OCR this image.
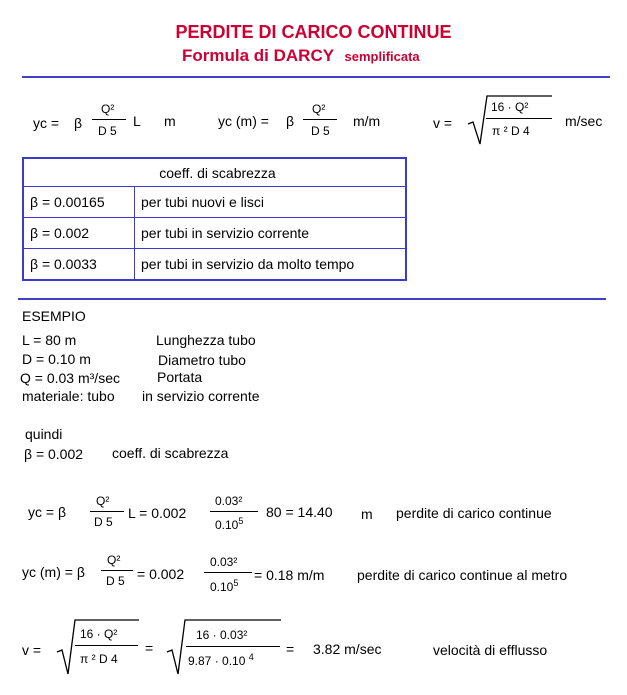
PERDITE DI CARICO CONTINUE
Formula di DARCY semplificata
yc = β
Q²
D 5
L m	yc (m) = β
Q²
D 5
m/m	v =
16 · Q²
π ² D 4
m/sec
coeff. di scabrezza	
β = 0.00165	per tubi nuovi e lisci
β = 0.002	per tubi in servizio corrente
β = 0.0033	per tubi in servizio da molto tempo
ESEMPIO
L = 80 m	Lunghezza tubo
D = 0.10 m	Diametro tubo
Q = 0.03 m³/sec	Portata
materiale: tubo in servizio corrente
quindi
β = 0.002 coeff. di scabrezza
yc = β
Q²
D 5
L = 0.002
0.03²
0.10$^5$
80 = 14.40 m perdite di carico continue
yc (m) = β
Q²
D 5 = 0.002
0.03²
$0.10^5 = 0.18$ m/m perdite di carico continue al metro
v =
16 · Q²
π ² D 4
=
16 · 0.03²
9.87 · 0.10 $^4$ = 3.82 m/sec	velocità di efflusso
